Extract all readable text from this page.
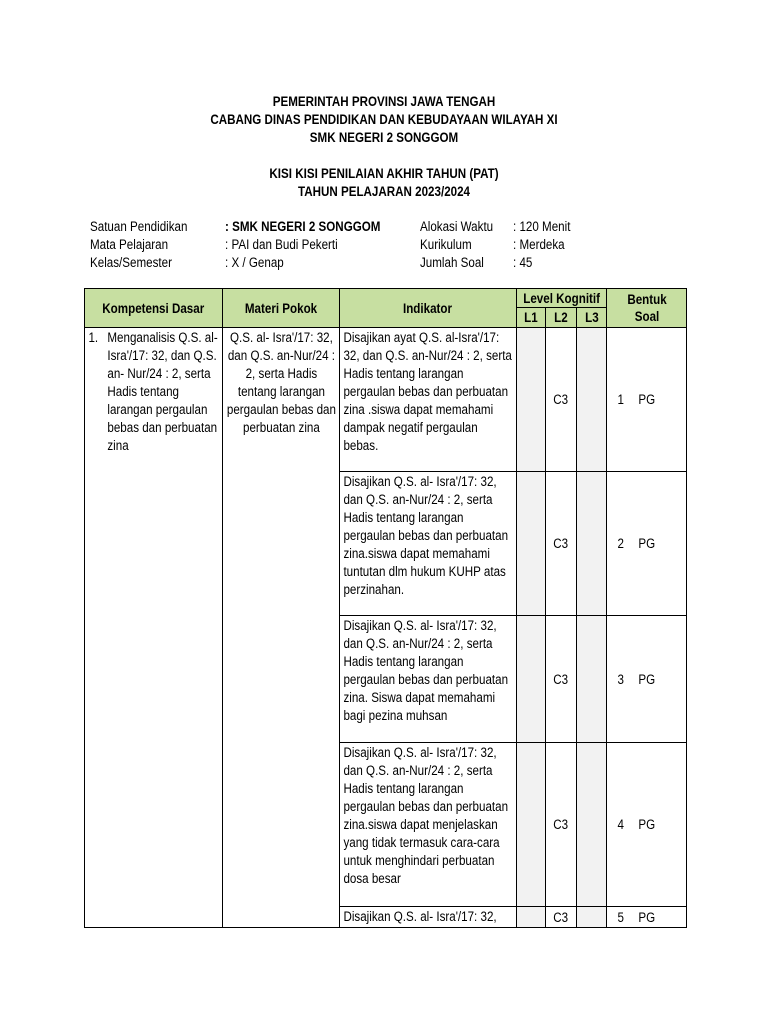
PEMERINTAH PROVINSI JAWA TENGAH
CABANG DINAS PENDIDIKAN DAN KEBUDAYAAN WILAYAH XI
SMK NEGERI 2 SONGGOM
KISI KISI PENILAIAN AKHIR TAHUN (PAT)
TAHUN PELAJARAN 2023/2024
Satuan Pendidikan	: SMK NEGERI 2 SONGGOM	Alokasi Waktu : 120 Menit
Mata Pelajaran	: PAI dan Budi Pekerti	Kurikulum	: Merdeka
Kelas/Semester	: X / Genap	Jumlah Soal : 45
Kompetensi Dasar	Materi Pokok	Indikator	Level Kognitif			Bentuk Soal
			L1	L2	L3	

1. Menganalisis Q.S. al-Isra'/17: 32, dan Q.S. an- Nur/24 : 2, serta Hadis tentang larangan pergaulan bebas dan perbuatan zina	Q.S. al- Isra'/17: 32, dan Q.S. an-Nur/24 : 2, serta Hadis tentang larangan pergaulan bebas dan perbuatan zina	Disajikan ayat Q.S. al-Isra'/17: 32, dan Q.S. an-Nur/24 : 2, serta Hadis tentang larangan pergaulan bebas dan perbuatan zina .siswa dapat memahami dampak negatif pergaulan bebas.		C3		1 PG

		Disajikan Q.S. al- Isra'/17: 32, dan Q.S. an-Nur/24 : 2, serta Hadis tentang larangan pergaulan bebas dan perbuatan zina.siswa dapat memahami tuntutan dlm hukum KUHP atas perzinahan.		C3		2 PG

		Disajikan Q.S. al- Isra'/17: 32, dan Q.S. an-Nur/24 : 2, serta Hadis tentang larangan pergaulan bebas dan perbuatan zina. Siswa dapat memahami bagi pezina muhsan		C3		3 PG

		Disajikan Q.S. al- Isra'/17: 32, dan Q.S. an-Nur/24 : 2, serta Hadis tentang larangan pergaulan bebas dan perbuatan zina.siswa dapat menjelaskan yang tidak termasuk cara-cara untuk menghindari perbuatan dosa besar		C3		4 PG

		Disajikan Q.S. al- Isra'/17: 32,		C3		5 PG
